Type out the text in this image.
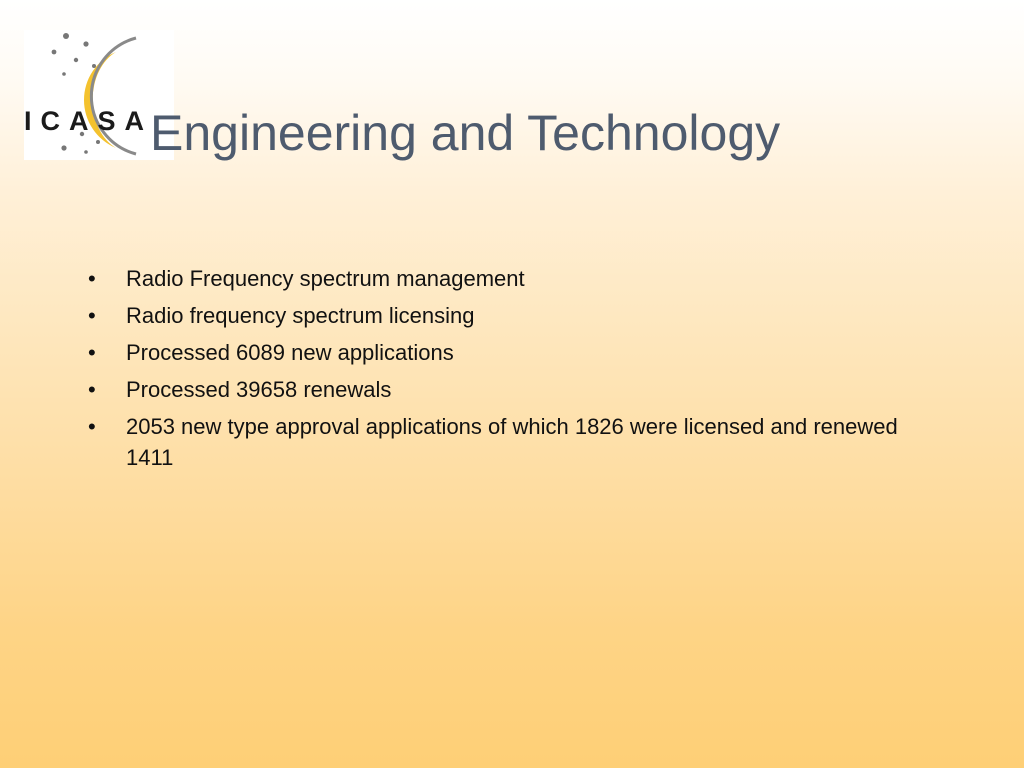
ICASA
Engineering and Technology
• Radio Frequency spectrum management
• Radio frequency spectrum licensing
• Processed 6089 new applications
• Processed 39658 renewals
• 2053 new type approval applications of which 1826 were licensed and renewed 1411
